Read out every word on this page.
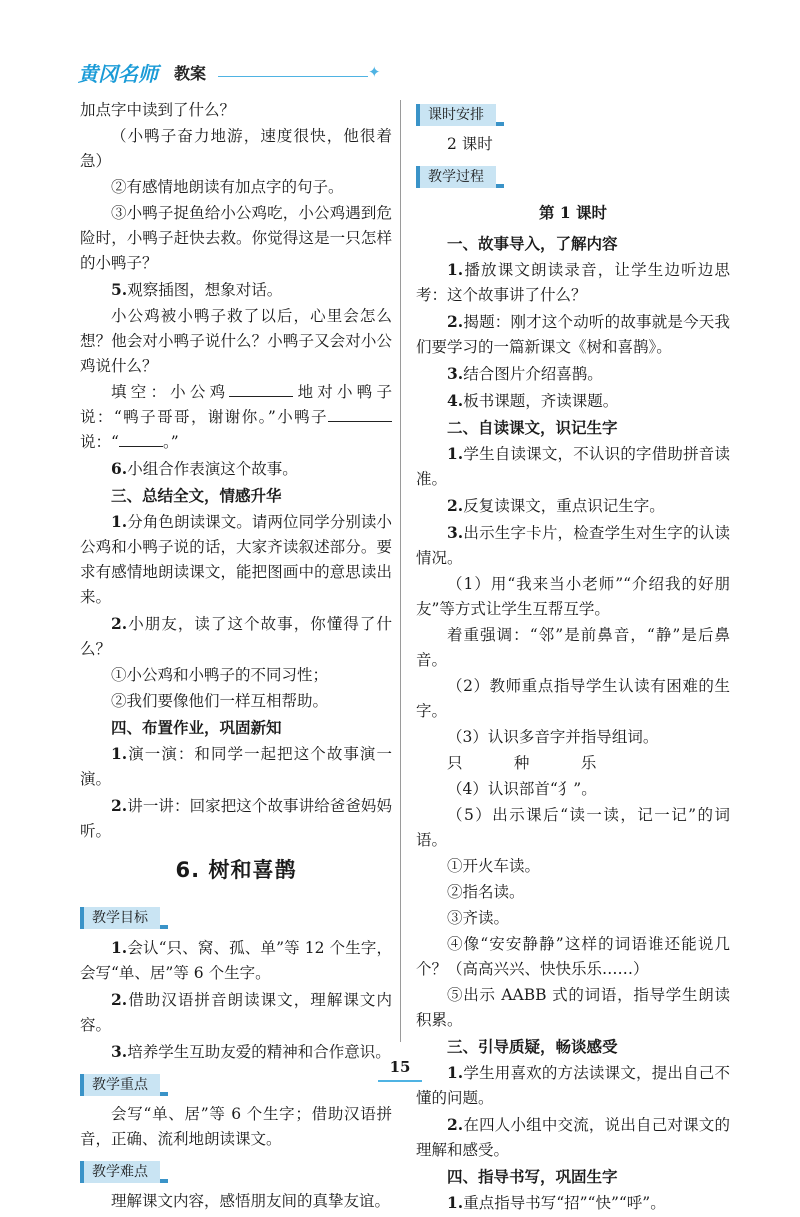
黄冈名师 教案	✦

加点字中读到了什么？

（小鸭子奋力地游，速度很快，他很着急）

②有感情地朗读有加点字的句子。

③小鸭子捉鱼给小公鸡吃，小公鸡遇到危险时，小鸭子赶快去救。你觉得这是一只怎样的小鸭子？

5.观察插图，想象对话。

小公鸡被小鸭子救了以后，心里会怎么想？他会对小鸭子说什么？小鸭子又会对小公鸡说什么？

填空：小公鸡	地对小鸭子说：“鸭子哥哥，谢谢你。”小鸭子说：“	。”

6.小组合作表演这个故事。

三、总结全文，情感升华

1.分角色朗读课文。请两位同学分别读小公鸡和小鸭子说的话，大家齐读叙述部分。要求有感情地朗读课文，能把图画中的意思读出来。

2.小朋友，读了这个故事，你懂得了什么？

①小公鸡和小鸭子的不同习性；

②我们要像他们一样互相帮助。

四、布置作业，巩固新知

1.演一演：和同学一起把这个故事演一演。

2.讲一讲：回家把这个故事讲给爸爸妈妈听。

6. 树和喜鹊
教学目标

1.会认“只、窝、孤、单”等 12 个生字，会写“单、居”等 6 个生字。

2.借助汉语拼音朗读课文，理解课文内容。

3.培养学生互助友爱的精神和合作意识。

教学重点

会写“单、居”等 6 个生字；借助汉语拼音，正确、流利地朗读课文。

教学难点

理解课文内容，感悟朋友间的真挚友谊。

课时安排

2 课时

教学过程
第 1 课时

一、故事导入，了解内容

1.播放课文朗读录音，让学生边听边思考：这个故事讲了什么？

2.揭题：刚才这个动听的故事就是今天我们要学习的一篇新课文《树和喜鹊》。

3.结合图片介绍喜鹊。

4.板书课题，齐读课题。

二、自读课文，识记生字

1.学生自读课文，不认识的字借助拼音读准。

2.反复读课文，重点识记生字。

3.出示生字卡片，检查学生对生字的认读情况。

（1）用“我来当小老师”“介绍我的好朋友”等方式让学生互帮互学。

着重强调：“邻”是前鼻音，“静”是后鼻音。

（2）教师重点指导学生认读有困难的生字。

（3）认识多音字并指导组词。

只 种 乐

（4）认识部首“⺨”。

（5）出示课后“读一读，记一记”的词语。

①开火车读。

②指名读。

③齐读。

④像“安安静静”这样的词语谁还能说几个？（高高兴兴、快快乐乐……）

⑤出示 AABB 式的词语，指导学生朗读积累。

三、引导质疑，畅谈感受

1.学生用喜欢的方法读课文，提出自己不懂的问题。

2.在四人小组中交流，说出自己对课文的理解和感受。

四、指导书写，巩固生字

1.重点指导书写“招”“快”“呼”。

15
